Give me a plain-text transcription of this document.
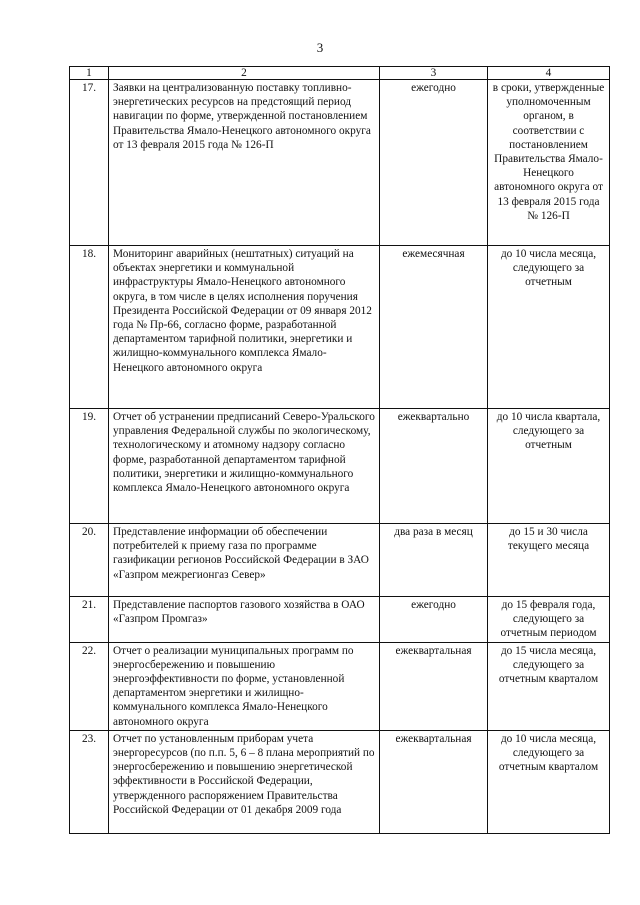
3
1	2	3	4
17.	Заявки на централизованную поставку топливно-энергетических ресурсов на предстоящий период навигации по форме, утвержденной постановлением Правительства Ямало-Ненецкого автономного округа от 13 февраля 2015 года № 126-П	ежегодно	в сроки, утвержденные уполномоченным органом, в соответствии с постановлением Правительства Ямало-Ненецкого автономного округа от 13 февраля 2015 года № 126-П
18.	Мониторинг аварийных (нештатных) ситуаций на объектах энергетики и коммунальной инфраструктуры Ямало-Ненецкого автономного округа, в том числе в целях исполнения поручения Президента Российской Федерации от 09 января 2012 года № Пр-66, согласно форме, разработанной департаментом тарифной политики, энергетики и жилищно-коммунального комплекса Ямало-Ненецкого автономного округа	ежемесячная	до 10 числа месяца, следующего за отчетным
19.	Отчет об устранении предписаний Северо-Уральского управления Федеральной службы по экологическому, технологическому и атомному надзору согласно форме, разработанной департаментом тарифной политики, энергетики и жилищно-коммунального комплекса Ямало-Ненецкого автономного округа	ежеквартально	до 10 числа квартала, следующего за отчетным
20.	Представление информации об обеспечении потребителей к приему газа по программе газификации регионов Российской Федерации в ЗАО «Газпром межрегионгаз Север»	два раза в месяц	до 15 и 30 числа текущего месяца
21.	Представление паспортов газового хозяйства в ОАО «Газпром Промгаз»	ежегодно	до 15 февраля года, следующего за отчетным периодом
22.	Отчет о реализации муниципальных программ по энергосбережению и повышению энергоэффективности по форме, установленной департаментом энергетики и жилищно-коммунального комплекса Ямало-Ненецкого автономного округа	ежеквартальная	до 15 числа месяца, следующего за отчетным кварталом
23.	Отчет по установленным приборам учета энергоресурсов (по п.п. 5, 6 – 8 плана мероприятий по энергосбережению и повышению энергетической эффективности в Российской Федерации, утвержденного распоряжением Правительства Российской Федерации от 01 декабря 2009 года	ежеквартальная	до 10 числа месяца, следующего за отчетным кварталом
